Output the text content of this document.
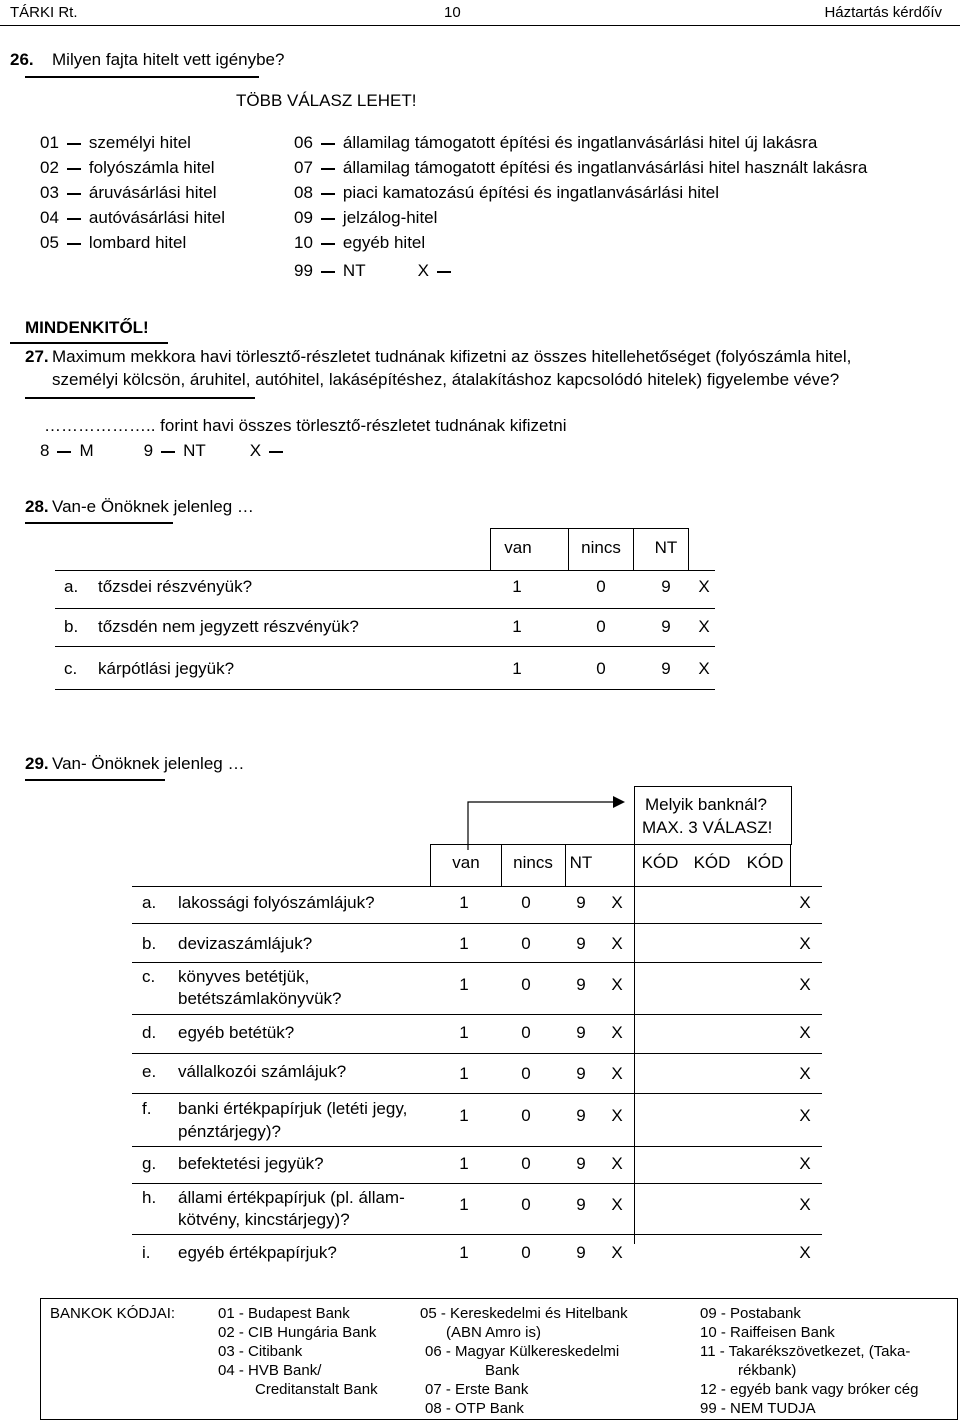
TÁRKI Rt.	10	Háztartás kérdőív
26. Milyen fajta hitelt vett igénybe?
TÖBB VÁLASZ LEHET!
01 személyi hitel
02 folyószámla hitel
03 áruvásárlási hitel
04 autóvásárlási hitel
05 lombard hitel
06 államilag támogatott építési és ingatlanvásárlási hitel új lakásra
07 államilag támogatott építési és ingatlanvásárlási hitel használt lakásra
08 piaci kamatozású építési és ingatlanvásárlási hitel
09 jelzálog-hitel
10 egyéb hitel
99 NT	X
MINDENKITŐL!
27. Maximum mekkora havi törlesztő-részletet tudnának kifizetni az összes hitellehetőséget (folyószámla hitel,
személyi kölcsön, áruhitel, autóhitel, lakásépítéshez, átalakításhoz kapcsolódó hitelek) figyelembe véve?
……………….. forint havi összes törlesztő-részletet tudnának kifizetni
8 M	9 NT	X
28. Van-e Önöknek jelenleg …
van	nincs	NT
a. tőzsdei részvényük?	1	0	9	X
b. tőzsdén nem jegyzett részvényük?	1	0	9	X
c. kárpótlási jegyük?	1	0	9	X
29. Van- Önöknek jelenleg …
Melyik banknál?
MAX. 3 VÁLASZ!
van	nincs NT	KÓD KÓD KÓD
a. lakossági folyószámlájuk?	1	0	9	X	X
b. devizaszámlájuk?	1	0	9	X	X
c. könyves betétjük,
betétszámlakönyvük?
1	0	9	X	X
d. egyéb betétük?	1	0	9	X	X
e. vállalkozói számlájuk?	1	0	9	X	X
f. banki értékpapírjuk (letéti jegy,
pénztárjegy)?
1	0	9	X	X
g. befektetési jegyük?	1	0	9	X	X
h. állami értékpapírjuk (pl. állam-
kötvény, kincstárjegy)?
1	0	9	X	X
i. egyéb értékpapírjuk?	1	0	9	X	X
BANKOK KÓDJAI:	01 - Budapest Bank
02 - CIB Hungária Bank
03 - Citibank
04 - HVB Bank/
Creditanstalt Bank
05 - Kereskedelmi és Hitelbank
(ABN Amro is)
06 - Magyar Külkereskedelmi
Bank
07 - Erste Bank
08 - OTP Bank
09 - Postabank
10 - Raiffeisen Bank
11 - Takarékszövetkezet, (Taka-
rékbank)
12 - egyéb bank vagy bróker cég
99 - NEM TUDJA
